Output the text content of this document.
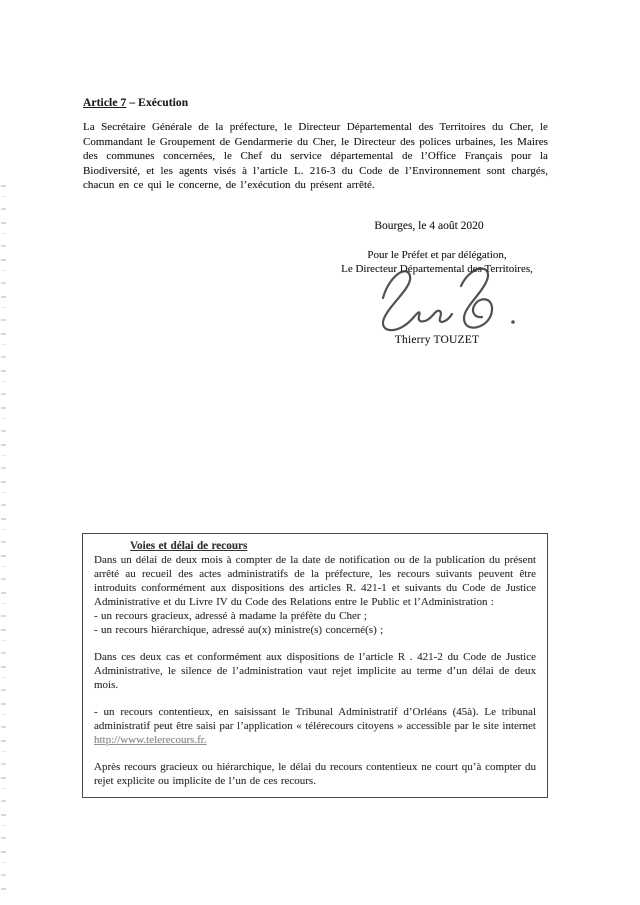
Article 7 – Exécution

La Secrétaire Générale de la préfecture, le Directeur Départemental des Territoires du Cher, le Commandant le Groupement de Gendarmerie du Cher, le Directeur des polices urbaines, les Maires des communes concernées, le Chef du service départemental de l’Office Français pour la Biodiversité, et les agents visés à l’article L. 216-3 du Code de l’Environnement sont chargés, chacun en ce qui le concerne, de l’exécution du présent arrêté.

Bourges, le 4 août 2020
Pour le Préfet et par délégation,
Le Directeur Départemental des Territoires,
Thierry TOUZET

Voies et délai de recours

Dans un délai de deux mois à compter de la date de notification ou de la publication du présent arrêté au recueil des actes administratifs de la préfecture, les recours suivants peuvent être introduits conformément aux dispositions des articles R. 421-1 et suivants du Code de Justice Administrative et du Livre IV du Code des Relations entre le Public et l’Administration :

- un recours gracieux, adressé à madame la préfète du Cher ;

- un recours hiérarchique, adressé au(x) ministre(s) concerné(s) ;

Dans ces deux cas et conformément aux dispositions de l’article R . 421-2 du Code de Justice Administrative, le silence de l’administration vaut rejet implicite au terme d’un délai de deux mois.

- un recours contentieux, en saisissant le Tribunal Administratif d’Orléans (45à). Le tribunal administratif peut être saisi par l’application « télérecours citoyens » accessible par le site internet http://www.telerecours.fr.

Après recours gracieux ou hiérarchique, le délai du recours contentieux ne court qu’à compter du rejet explicite ou implicite de l’un de ces recours.
